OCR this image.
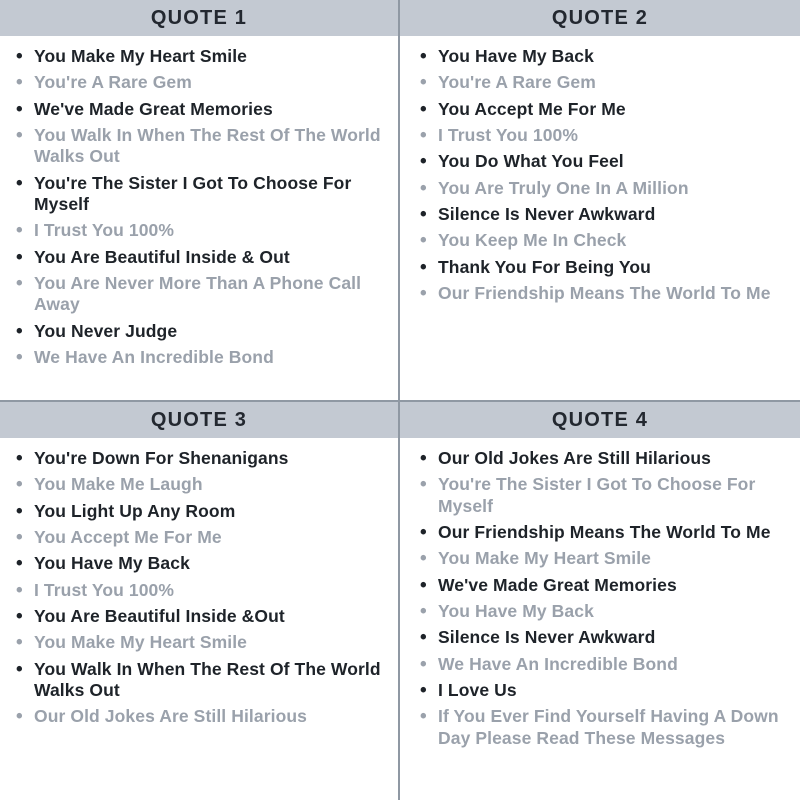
QUOTE 1
• You Make My Heart Smile
• You're A Rare Gem
• We've Made Great Memories
• You Walk In When The Rest Of The World Walks Out
• You're The Sister I Got To Choose For Myself
• I Trust You 100%
• You Are Beautiful Inside & Out
• You Are Never More Than A Phone Call Away
• You Never Judge
• We Have An Incredible Bond
QUOTE 2
• You Have My Back
• You're A Rare Gem
• You Accept Me For Me
• I Trust You 100%
• You Do What You Feel
• You Are Truly One In A Million
• Silence Is Never Awkward
• You Keep Me In Check
• Thank You For Being You
• Our Friendship Means The World To Me
QUOTE 3
• You're Down For Shenanigans
• You Make Me Laugh
• You Light Up Any Room
• You Accept Me For Me
• You Have My Back
• I Trust You 100%
• You Are Beautiful Inside &Out
• You Make My Heart Smile
• You Walk In When The Rest Of The World Walks Out
• Our Old Jokes Are Still Hilarious
QUOTE 4
• Our Old Jokes Are Still Hilarious
• You're The Sister I Got To Choose For Myself
• Our Friendship Means The World To Me
• You Make My Heart Smile
• We've Made Great Memories
• You Have My Back
• Silence Is Never Awkward
• We Have An Incredible Bond
• I Love Us
• If You Ever Find Yourself Having A Down Day Please Read These Messages
